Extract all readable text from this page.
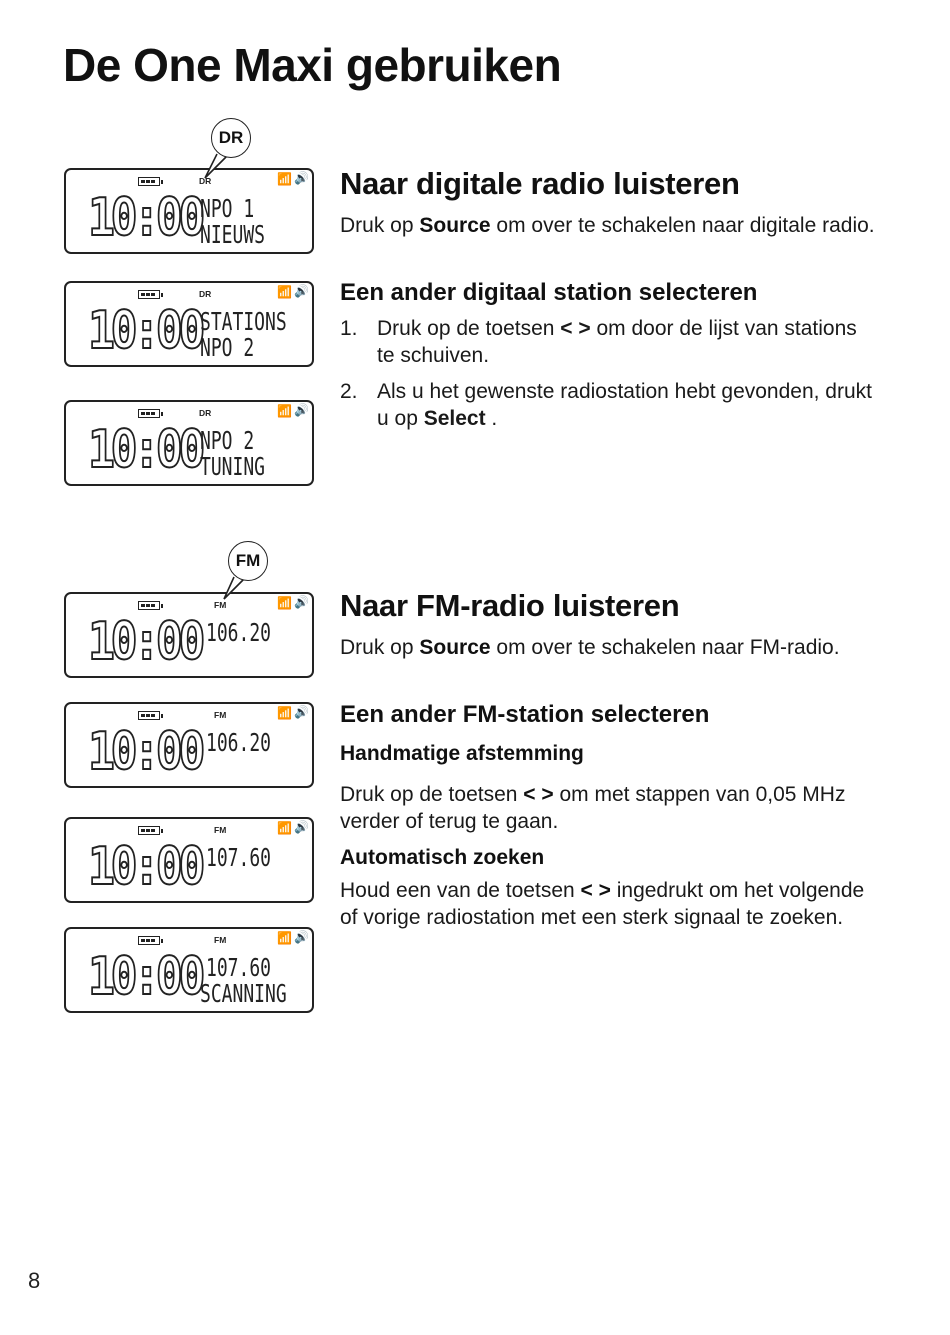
De One Maxi gebruiken
DR
DR	📶 🔊
10:00
NPO 1
NIEUWS
DR	📶 🔊
10:00
STATIONS
NPO 2
DR	📶 🔊
10:00
NPO 2
TUNING
Naar digitale radio luisteren

Druk op Source om over te schakelen naar digitale radio.

Een ander digitaal station selecteren
1. Druk op de toetsen < > om door de lijst van stations te schuiven.
2. Als u het gewenste radiostation hebt gevonden, drukt u op Select .
FM
FM	📶 🔊
10:00 106.20
FM	📶 🔊
10:00 106.20
FM	📶 🔊
10:00 107.60
FM	📶 🔊
10:00 107.60
SCANNING
Naar FM-radio luisteren

Druk op Source om over te schakelen naar FM-radio.

Een ander FM-station selecteren
Handmatige afstemming

Druk op de toetsen < > om met stappen van 0,05 MHz verder of terug te gaan.

Automatisch zoeken

Houd een van de toetsen < > ingedrukt om het volgende of vorige radiostation met een sterk signaal te zoeken.

8
